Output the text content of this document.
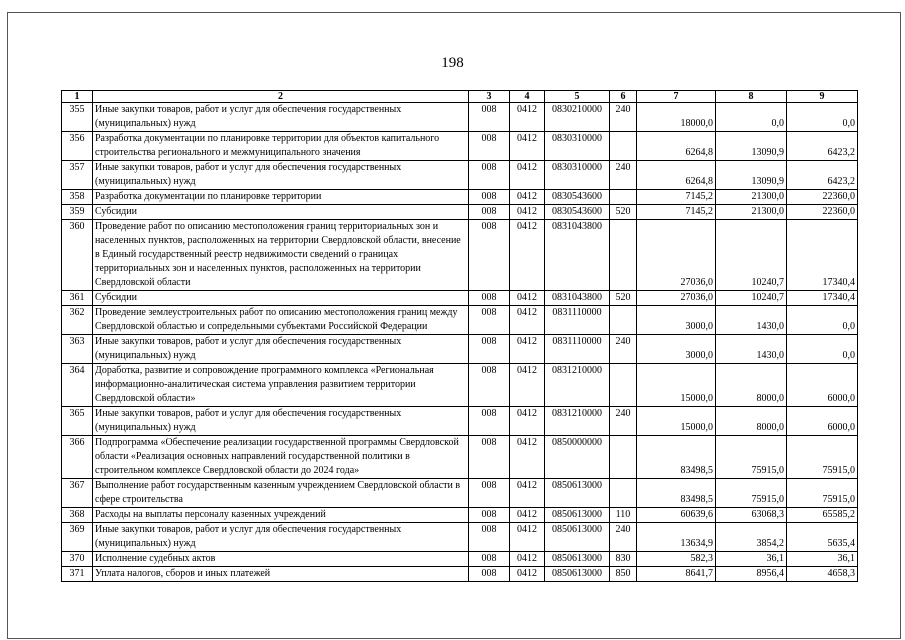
198
1	2	3	4	5	6	7	8	9
355	Иные закупки товаров, работ и услуг для обеспечения государственных (муниципальных) нужд	008	0412	0830210000	240	18000,0	0,0	0,0
356	Разработка документации по планировке территории для объектов капитального строительства регионального и межмуниципального значения	008	0412	0830310000		6264,8	13090,9	6423,2
357	Иные закупки товаров, работ и услуг для обеспечения государственных (муниципальных) нужд	008	0412	0830310000	240	6264,8	13090,9	6423,2
358	Разработка документации по планировке территории	008	0412	0830543600		7145,2	21300,0	22360,0
359	Субсидии	008	0412	0830543600	520	7145,2	21300,0	22360,0
360	Проведение работ по описанию местоположения границ территориальных зон и населенных пунктов, расположенных на территории Свердловской области, внесение в Единый государственный реестр недвижимости сведений о границах территориальных зон и населенных пунктов, расположенных на территории Свердловской области	008	0412	0831043800		27036,0	10240,7	17340,4
361	Субсидии	008	0412	0831043800	520	27036,0	10240,7	17340,4
362	Проведение землеустроительных работ по описанию местоположения границ между Свердловской областью и сопредельными субъектами Российской Федерации	008	0412	0831110000		3000,0	1430,0	0,0
363	Иные закупки товаров, работ и услуг для обеспечения государственных (муниципальных) нужд	008	0412	0831110000	240	3000,0	1430,0	0,0
364	Доработка, развитие и сопровождение программного комплекса «Региональная информационно-аналитическая система управления развитием территории Свердловской области»	008	0412	0831210000		15000,0	8000,0	6000,0
365	Иные закупки товаров, работ и услуг для обеспечения государственных (муниципальных) нужд	008	0412	0831210000	240	15000,0	8000,0	6000,0
366	Подпрограмма «Обеспечение реализации государственной программы Свердловской области «Реализация основных направлений государственной политики в строительном комплексе Свердловской области до 2024 года»	008	0412	0850000000		83498,5	75915,0	75915,0
367	Выполнение работ государственным казенным учреждением Свердловской области в сфере строительства	008	0412	0850613000		83498,5	75915,0	75915,0
368	Расходы на выплаты персоналу казенных учреждений	008	0412	0850613000	110	60639,6	63068,3	65585,2
369	Иные закупки товаров, работ и услуг для обеспечения государственных (муниципальных) нужд	008	0412	0850613000	240	13634,9	3854,2	5635,4
370	Исполнение судебных актов	008	0412	0850613000	830	582,3	36,1	36,1
371	Уплата налогов, сборов и иных платежей	008	0412	0850613000	850	8641,7	8956,4	4658,3
